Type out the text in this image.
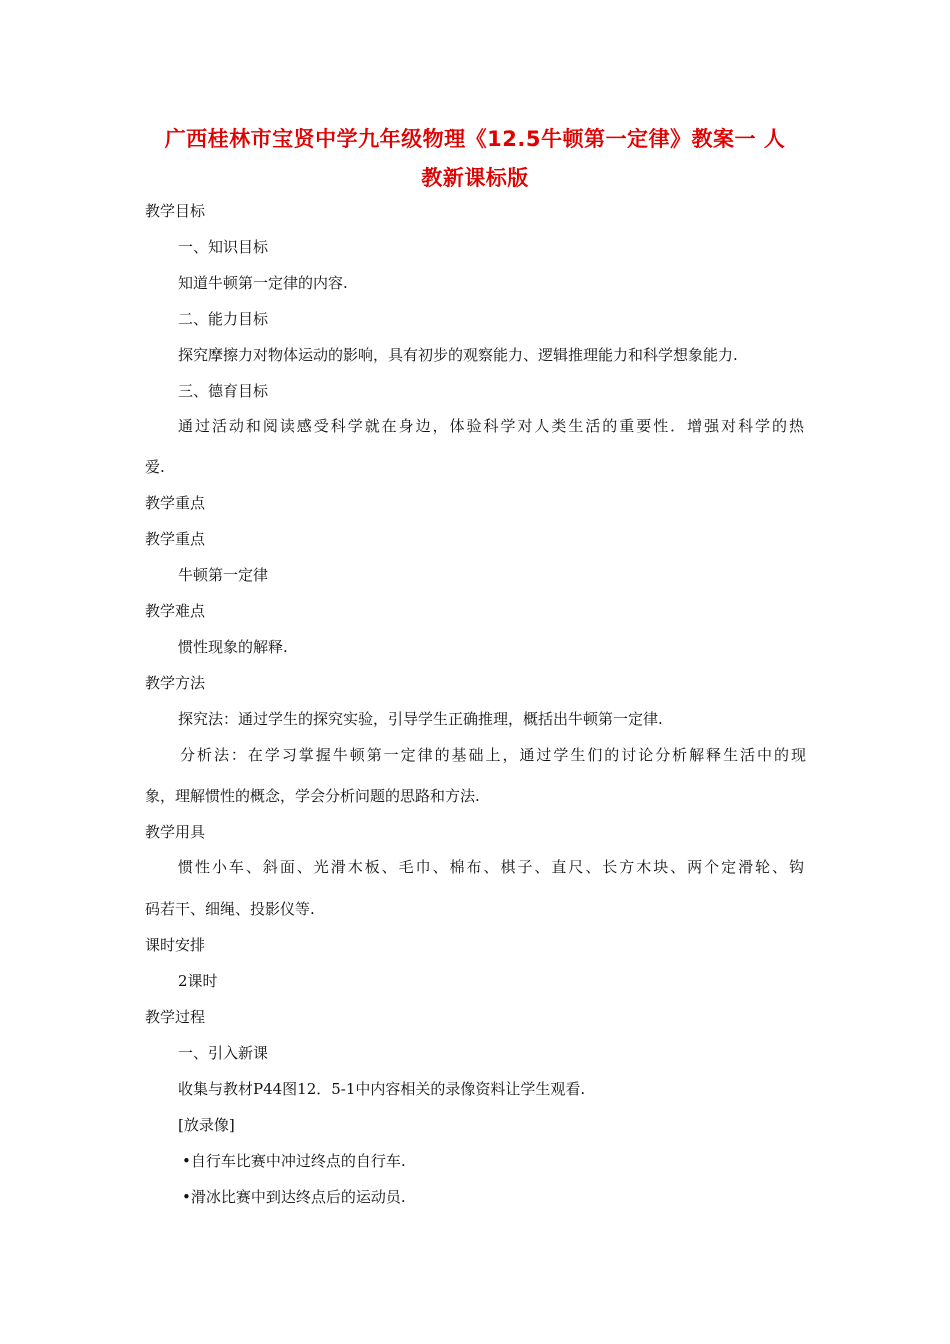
广西桂林市宝贤中学九年级物理《12.5牛顿第一定律》教案一 人
教新课标版
教学目标
一、知识目标
知道牛顿第一定律的内容.
二、能力目标
探究摩擦力对物体运动的影响，具有初步的观察能力、逻辑推理能力和科学想象能力.
三、德育目标
通过活动和阅读感受科学就在身边，体验科学对人类生活的重要性．增强对科学的热
爱.
教学重点
教学重点
牛顿第一定律
教学难点
惯性现象的解释.
教学方法
探究法：通过学生的探究实验，引导学生正确推理，概括出牛顿第一定律.
分析法：在学习掌握牛顿第一定律的基础上，通过学生们的讨论分析解释生活中的现
象，理解惯性的概念，学会分析问题的思路和方法.
教学用具
惯性小车、斜面、光滑木板、毛巾、棉布、棋子、直尺、长方木块、两个定滑轮、钩
码若干、细绳、投影仪等.
课时安排
2课时
教学过程
一、引入新课
收集与教材P44图12．5-1中内容相关的录像资料让学生观看.
[放录像]
•自行车比赛中冲过终点的自行车.
•滑冰比赛中到达终点后的运动员.
